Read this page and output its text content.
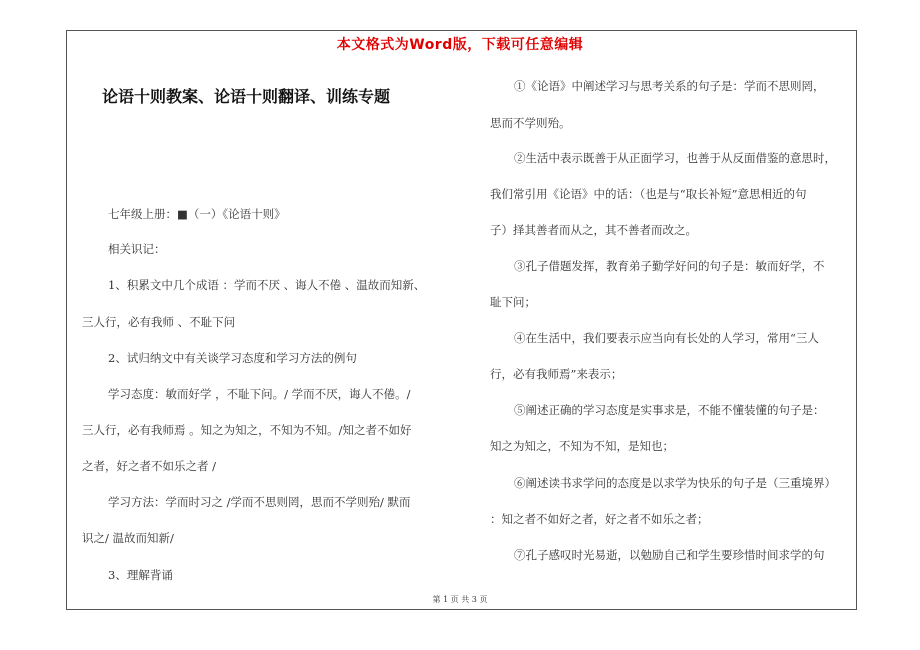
本文格式为Word版，下载可任意编辑
论语十则教案、论语十则翻译、训练专题

七年级上册：■（一）《论语十则》

相关识记：

1、积累文中几个成语 ：学而不厌 、诲人不倦 、温故而知新、

三人行，必有我师 、不耻下问

2、试归纳文中有关谈学习态度和学习方法的例句

学习态度：敏而好学 ，不耻下问。/ 学而不厌，诲人不倦。/

三人行，必有我师焉 。知之为知之，不知为不知。/知之者不如好

之者，好之者不如乐之者 /

学习方法：学而时习之 /学而不思则罔，思而不学则殆/ 默而

识之/ 温故而知新/

3、理解背诵

①《论语》中阐述学习与思考关系的句子是：学而不思则罔，

思而不学则殆。

②生活中表示既善于从正面学习，也善于从反面借鉴的意思时，

我们常引用《论语》中的话：（也是与“取长补短”意思相近的句

子）择其善者而从之，其不善者而改之。

③孔子借题发挥，教育弟子勤学好问的句子是：敏而好学，不

耻下问；

④在生活中，我们要表示应当向有长处的人学习，常用“三人

行，必有我师焉”来表示；

⑤阐述正确的学习态度是实事求是，不能不懂装懂的句子是：

知之为知之，不知为不知，是知也；

⑥阐述读书求学问的态度是以求学为快乐的句子是（三重境界）

：知之者不如好之者，好之者不如乐之者；

⑦孔子感叹时光易逝，以勉励自己和学生要珍惜时间求学的句

第 1 页 共 3 页
